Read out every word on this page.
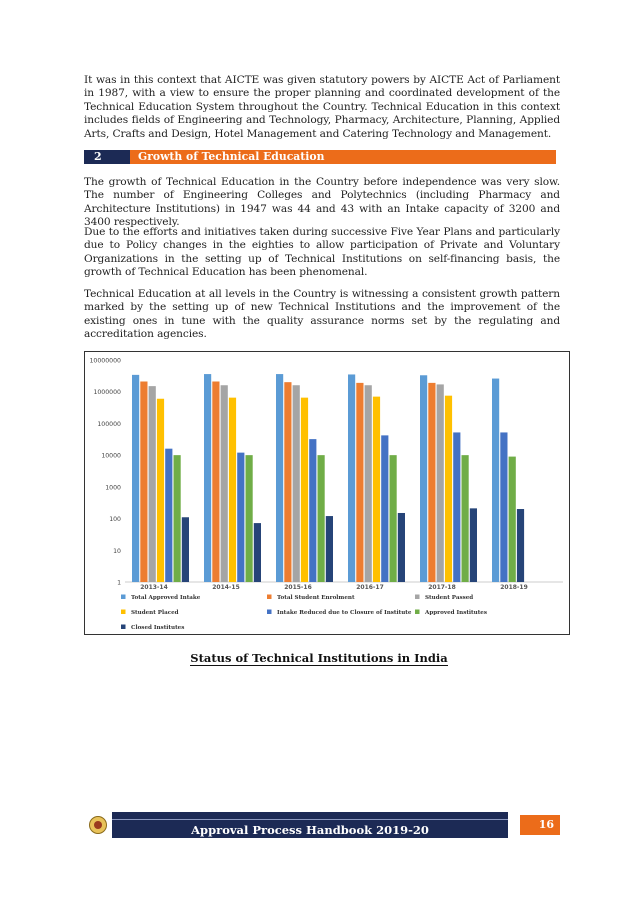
It was in this context that AICTE was given statutory powers by AICTE Act of Parliament in 1987, with a view to ensure the proper planning and coordinated development of the Technical Education System throughout the Country. Technical Education in this context includes fields of Engineering and Technology, Pharmacy, Architecture, Planning, Applied Arts, Crafts and Design, Hotel Management and Catering Technology and Management.

2	Growth of Technical Education

The growth of Technical Education in the Country before independence was very slow. The number of Engineering Colleges and Polytechnics (including Pharmacy and Architecture Institutions) in 1947 was 44 and 43 with an Intake capacity of 3200 and 3400 respectively.

Due to the efforts and initiatives taken during successive Five Year Plans and particularly due to Policy changes in the eighties to allow participation of Private and Voluntary Organizations in the setting up of Technical Institutions on self-financing basis, the growth of Technical Education has been phenomenal.

Technical Education at all levels in the Country is witnessing a consistent growth pattern marked by the setting up of new Technical Institutions and the improvement of the existing ones in tune with the quality assurance norms set by the regulating and accreditation agencies.

1
10
100
1000
10000
100000
1000000
10000000
2013-14	2014-15	2015-16	2016-17	2017-18	2018-19
Total Approved Intake	Total Student Enrolment	Student Passed
Student Placed	Intake Reduced due to Closure of Institute Approved Institutes
Closed Institutes
Status of Technical Institutions in India
Approval Process Handbook 2019-20	16
